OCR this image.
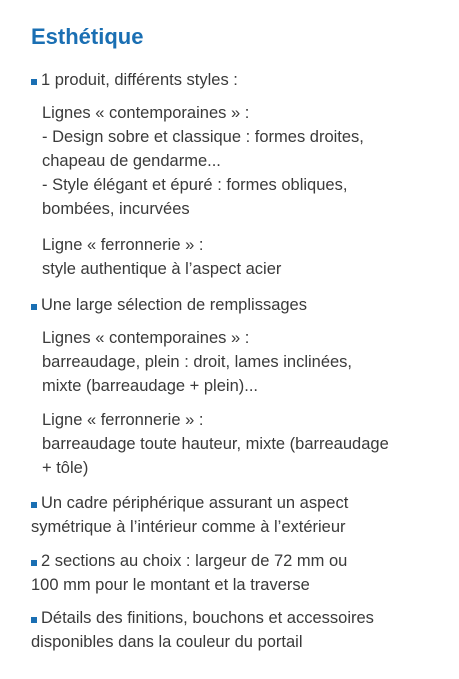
Esthétique
1 produit, différents styles :
Lignes « contemporaines » :
- Design sobre et classique : formes droites,
chapeau de gendarme...
- Style élégant et épuré : formes obliques,
bombées, incurvées
Ligne « ferronnerie » :
style authentique à l’aspect acier
Une large sélection de remplissages
Lignes « contemporaines » :
barreaudage, plein : droit, lames inclinées,
mixte (barreaudage + plein)...
Ligne « ferronnerie » :
barreaudage toute hauteur, mixte (barreaudage
+ tôle)
Un cadre périphérique assurant un aspect
symétrique à l’intérieur comme à l’extérieur
2 sections au choix : largeur de 72 mm ou
100 mm pour le montant et la traverse
Détails des finitions, bouchons et accessoires
disponibles dans la couleur du portail
